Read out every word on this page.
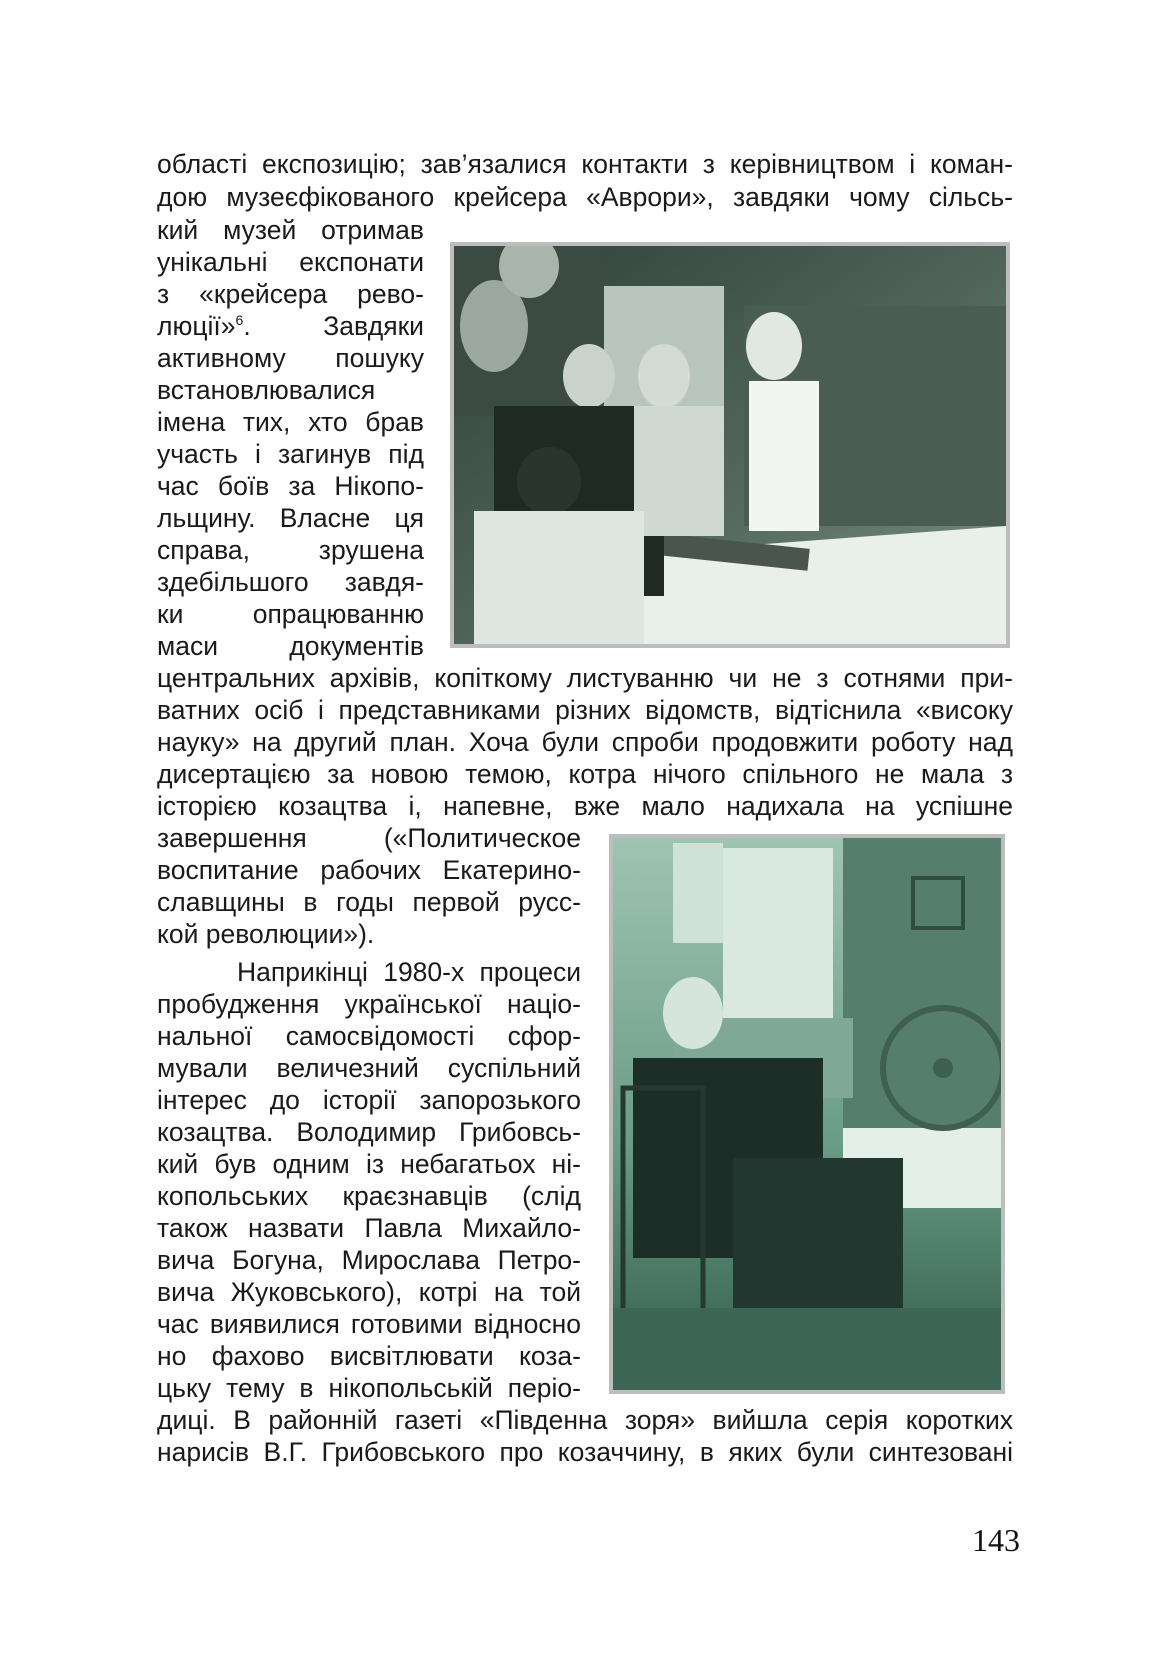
області експозицію; зав’язалися контакти з керівництвом і коман-
дою музеєфікованого крейсера «Аврори», завдяки чому сільсь-
кий музей отримав
унікальні експонати
з «крейсера рево-
люції»$^6$. Завдяки
активному пошуку
встановлювалися
імена тих, хто брав
участь і загинув під
час боїв за Нікопо-
льщину. Власне ця
справа, зрушена
здебільшого завдя-
ки опрацюванню
маси документів
центральних архівів, копіткому листуванню чи не з сотнями при-
ватних осіб і представниками різних відомств, відтіснила «високу
науку» на другий план. Хоча були спроби продовжити роботу над
дисертацією за новою темою, котра нічого спільного не мала з
історією козацтва і, напевне, вже мало надихала на успішне
завершення («Политическое
воспитание рабочих Екатерино-
славщины в годы первой русс-
кой революции»).
Наприкінці 1980-х процеси
пробудження української націо-
нальної самосвідомості сфор-
мували величезний суспільний
інтерес до історії запорозького
козацтва. Володимир Грибовсь-
кий був одним із небагатьох ні-
копольських краєзнавців (слід
також назвати Павла Михайло-
вича Богуна, Мирослава Петро-
вича Жуковського), котрі на той
час виявилися готовими відносно
но фахово висвітлювати коза-
цьку тему в нікопольській періо-
диці. В районній газеті «Південна зоря» вийшла серія коротких
нарисів В.Г. Грибовського про козаччину, в яких були синтезовані
143
